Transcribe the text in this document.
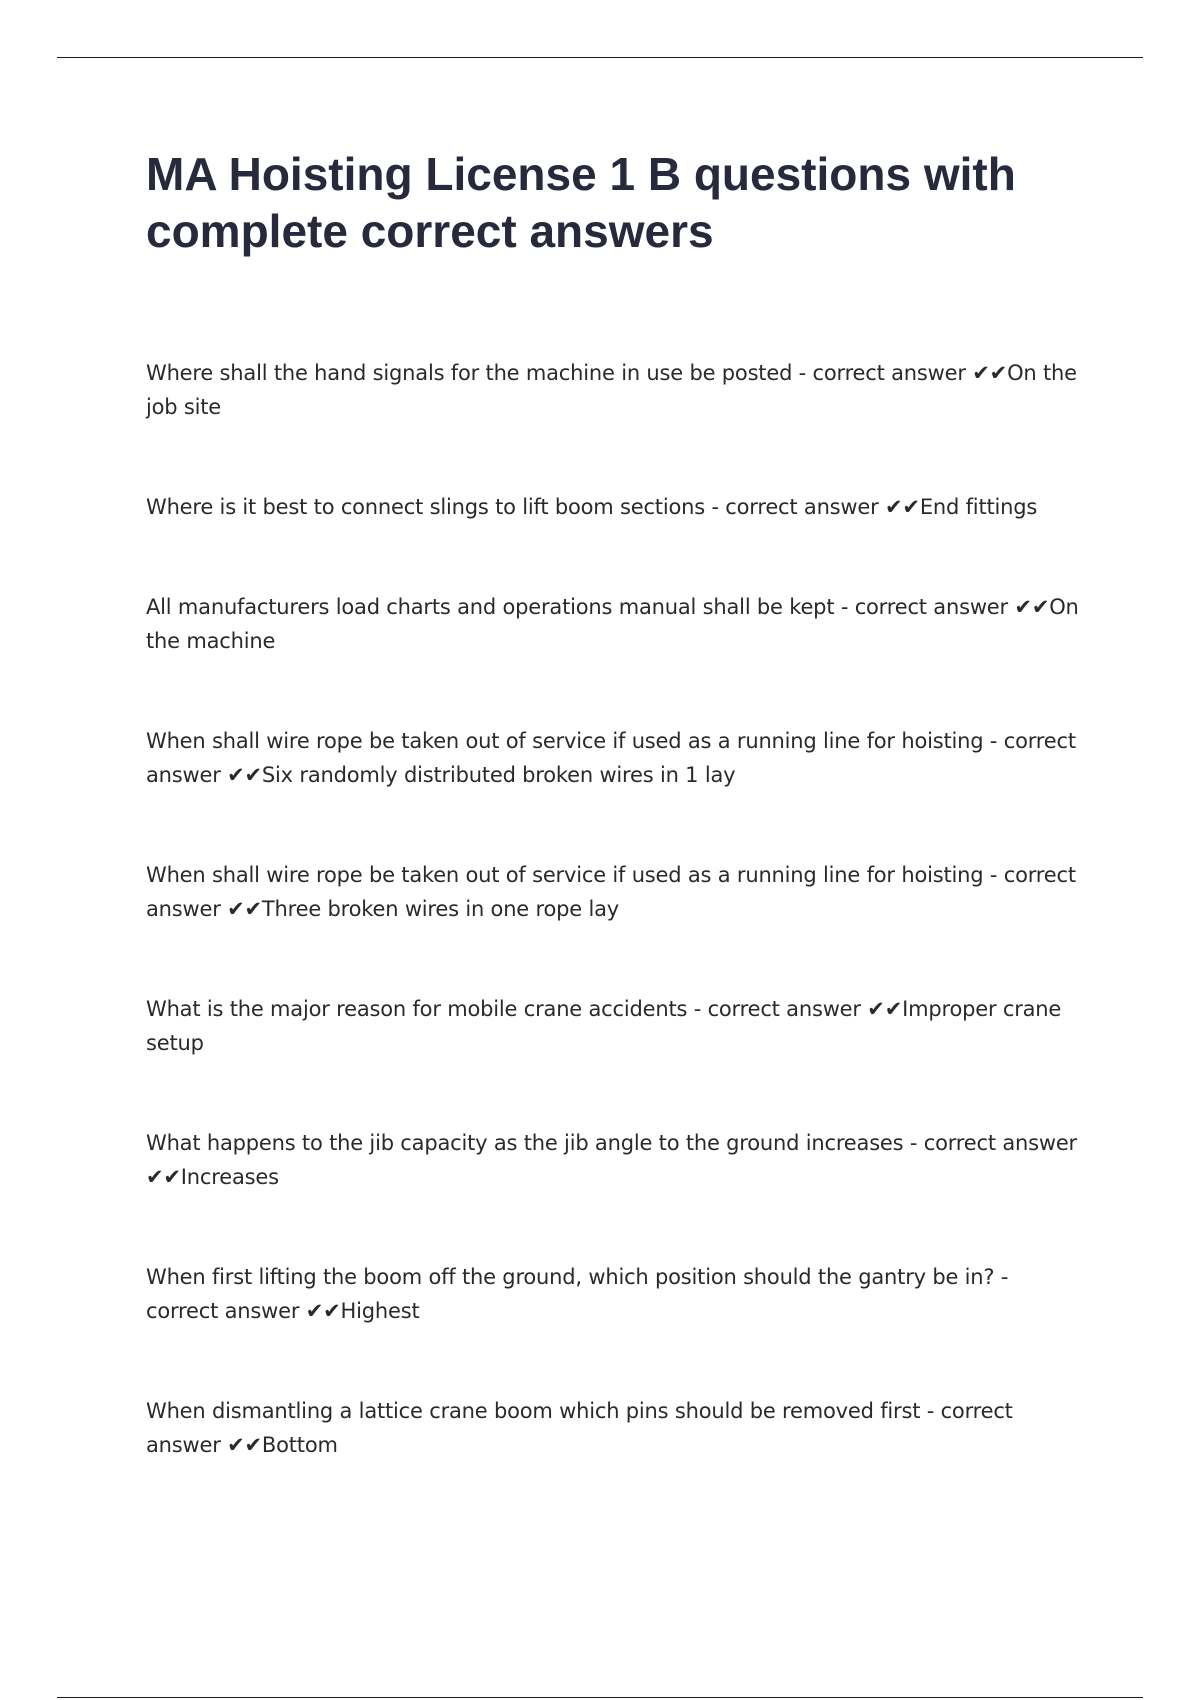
MA Hoisting License 1 B questions with complete correct answers
Where shall the hand signals for the machine in use be posted - correct answer ✔✔On the job site
Where is it best to connect slings to lift boom sections - correct answer ✔✔End fittings
All manufacturers load charts and operations manual shall be kept - correct answer ✔✔On the machine
When shall wire rope be taken out of service if used as a running line for hoisting - correct answer ✔✔Six randomly distributed broken wires in 1 lay
When shall wire rope be taken out of service if used as a running line for hoisting - correct answer ✔✔Three broken wires in one rope lay
What is the major reason for mobile crane accidents - correct answer ✔✔Improper crane setup
What happens to the jib capacity as the jib angle to the ground increases - correct answer ✔✔Increases
When first lifting the boom off the ground, which position should the gantry be in? - correct answer ✔✔Highest
When dismantling a lattice crane boom which pins should be removed first - correct answer ✔✔Bottom
